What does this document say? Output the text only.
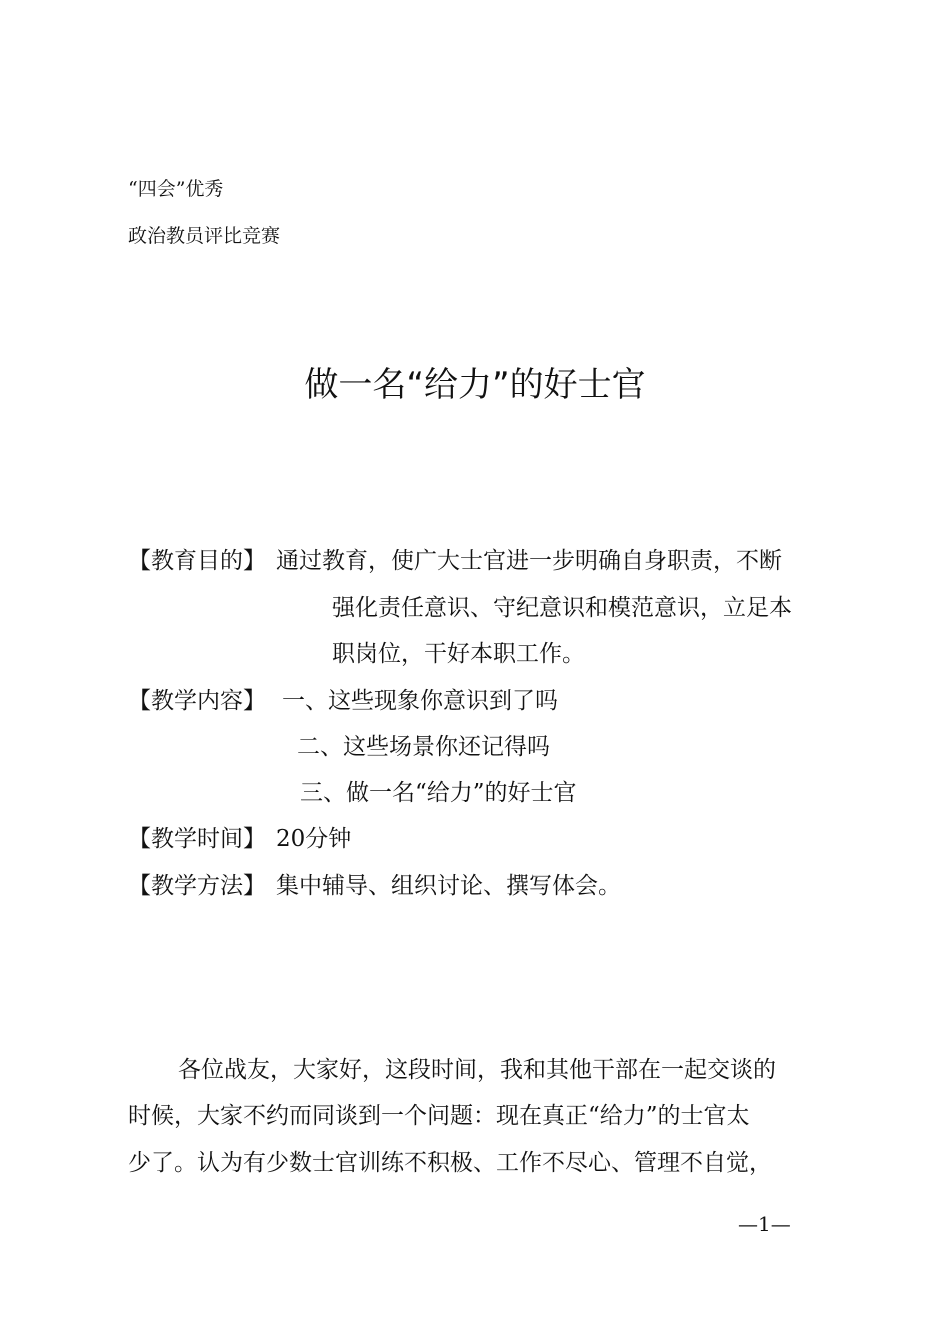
“四会”优秀
政治教员评比竞赛
做一名“给力”的好士官
【教育目的】 通过教育，使广大士官进一步明确自身职责，不断
强化责任意识、守纪意识和模范意识，立足本
职岗位，干好本职工作。
【教学内容】 一、这些现象你意识到了吗
二、这些场景你还记得吗
三、做一名“给力”的好士官
【教学时间】 20分钟
【教学方法】 集中辅导、组织讨论、撰写体会。
各位战友，大家好，这段时间，我和其他干部在一起交谈的
时候，大家不约而同谈到一个问题：现在真正“给力”的士官太
少了。认为有少数士官训练不积极、工作不尽心、管理不自觉，
—1—
